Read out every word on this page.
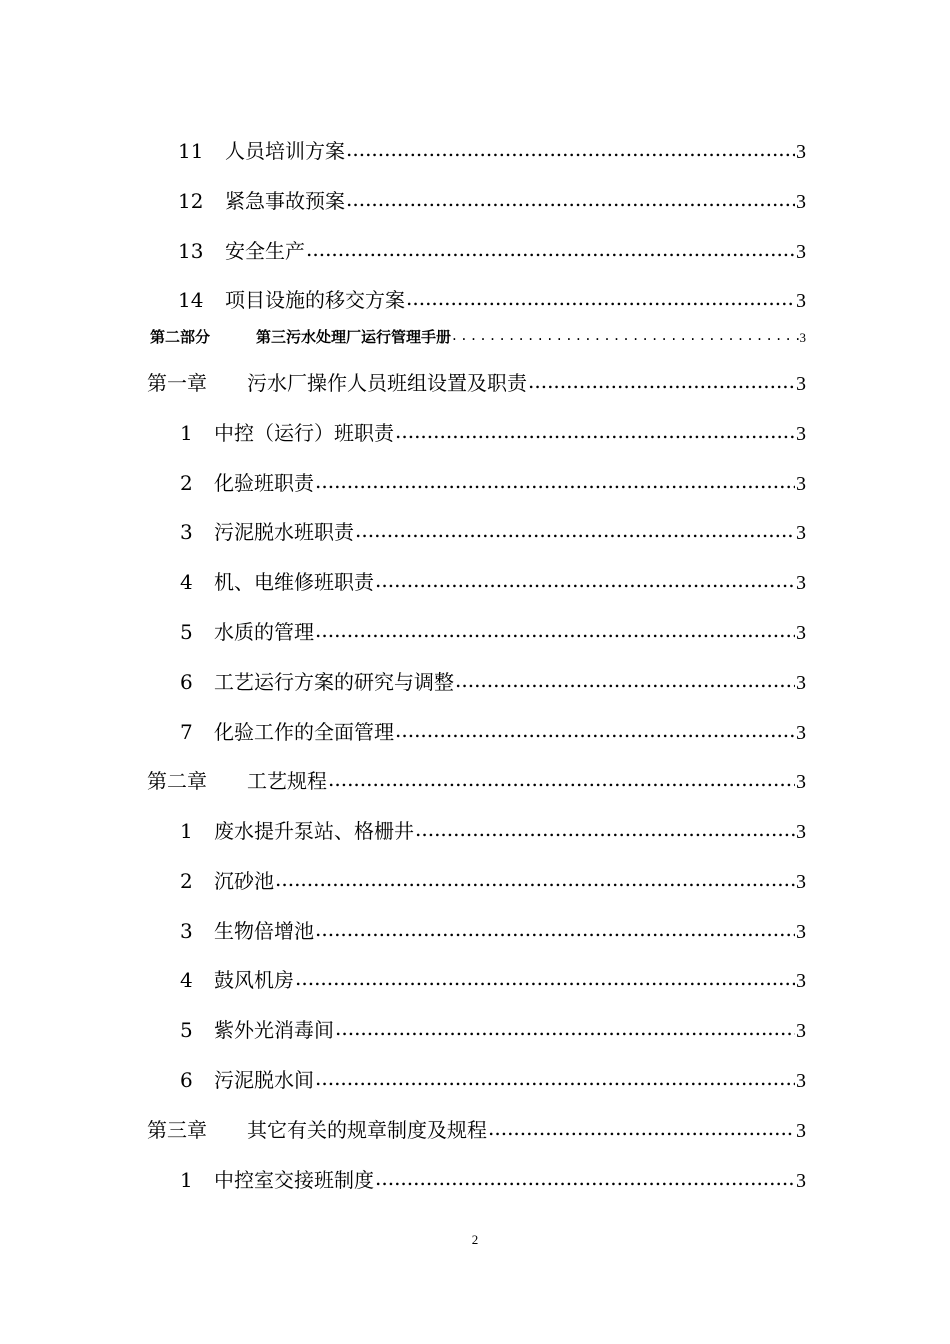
11	人员培训方案 .....	3
12	紧急事故预案 .....	3
13	安全生产 .....	3
14	项目设施的移交方案 .....	3
第二部分	第三污水处理厂运行管理手册 . . .	3
第一章	污水厂操作人员班组设置及职责 .....	3
1	中控（运行）班职责 .....	3
2	化验班职责 .....	3
3	污泥脱水班职责 .....	3
4	机、电维修班职责 .....	3
5	水质的管理 .....	3
6	工艺运行方案的研究与调整 .....	3
7	化验工作的全面管理 .....	3
第二章	工艺规程 .....	3
1	废水提升泵站、格栅井 .....	3
2	沉砂池 .....	3
3	生物倍增池 .....	3
4	鼓风机房 .....	3
5	紫外光消毒间 .....	3
6	污泥脱水间 .....	3
第三章	其它有关的规章制度及规程 .....	3
1	中控室交接班制度 .....	3
2
